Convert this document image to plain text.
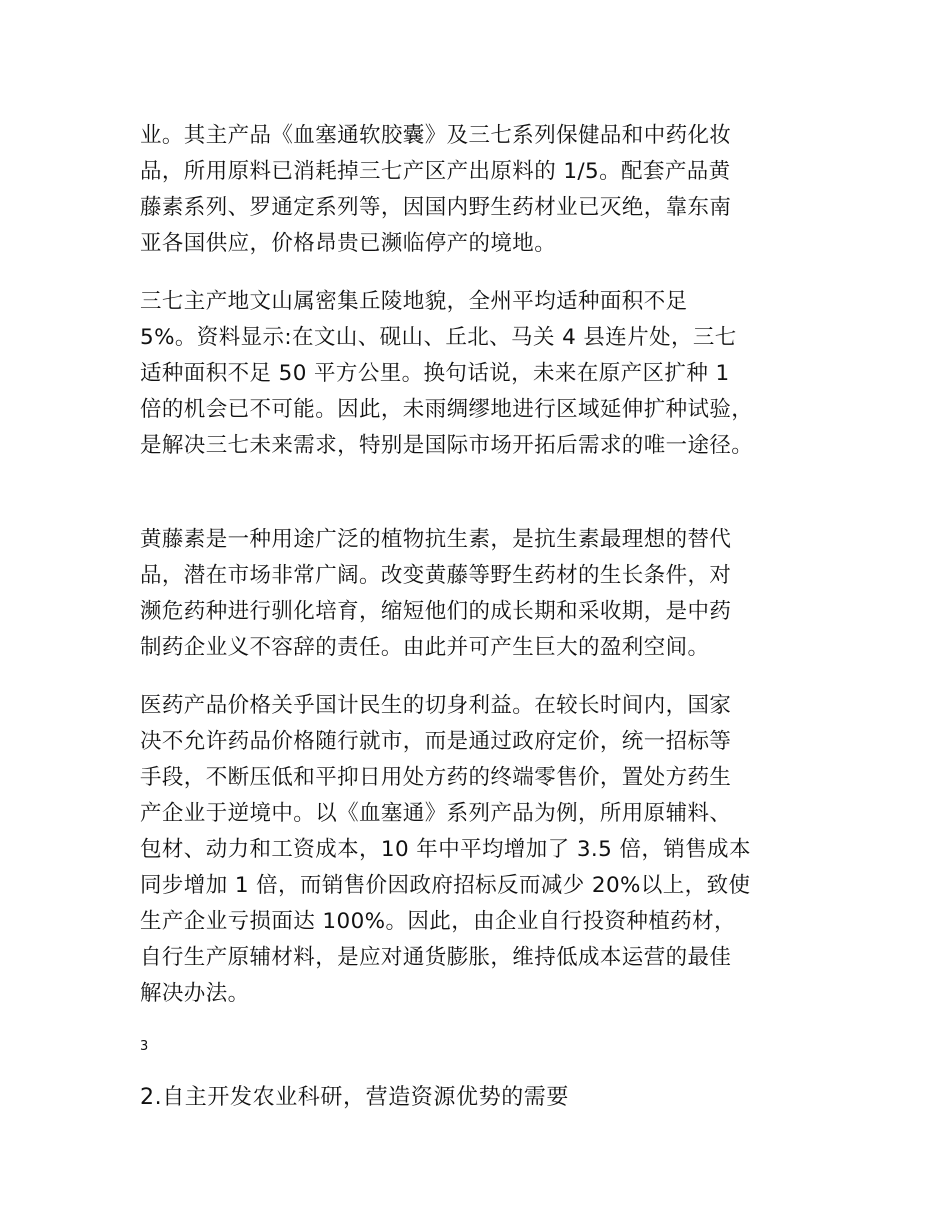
业。其主产品《血塞通软胶囊》及三七系列保健品和中药化妆
品，所用原料已消耗掉三七产区产出原料的 1/5。配套产品黄
藤素系列、罗通定系列等，因国内野生药材业已灭绝，靠东南
亚各国供应，价格昂贵已濒临停产的境地。

三七主产地文山属密集丘陵地貌，全州平均适种面积不足
5%。资料显示:在文山、砚山、丘北、马关 4 县连片处，三七
适种面积不足 50 平方公里。换句话说，未来在原产区扩种 1
倍的机会已不可能。因此，未雨绸缪地进行区域延伸扩种试验，
是解决三七未来需求，特别是国际市场开拓后需求的唯一途径。

黄藤素是一种用途广泛的植物抗生素，是抗生素最理想的替代
品，潜在市场非常广阔。改变黄藤等野生药材的生长条件，对
濒危药种进行驯化培育，缩短他们的成长期和采收期，是中药
制药企业义不容辞的责任。由此并可产生巨大的盈利空间。

医药产品价格关乎国计民生的切身利益。在较长时间内，国家
决不允许药品价格随行就市，而是通过政府定价，统一招标等
手段，不断压低和平抑日用处方药的终端零售价，置处方药生
产企业于逆境中。以《血塞通》系列产品为例，所用原辅料、
包材、动力和工资成本，10 年中平均增加了 3.5 倍，销售成本
同步增加 1 倍，而销售价因政府招标反而减少 20%以上，致使
生产企业亏损面达 100%。因此，由企业自行投资种植药材，
自行生产原辅材料，是应对通货膨胀，维持低成本运营的最佳
解决办法。

3
2.自主开发农业科研，营造资源优势的需要
